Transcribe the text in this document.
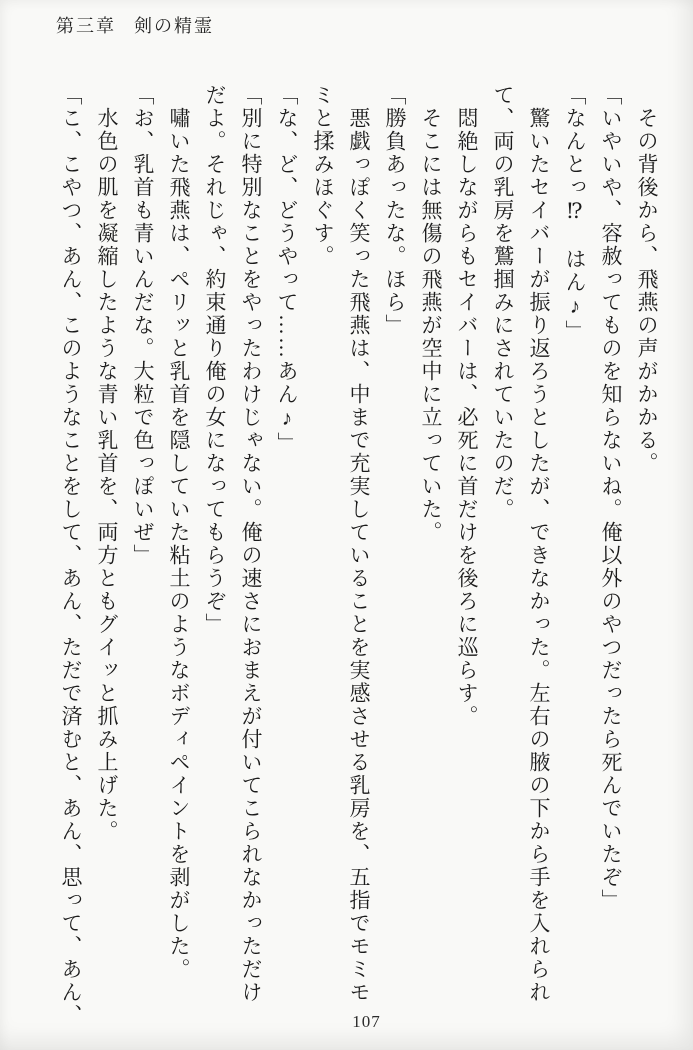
第三章 剣の精霊

その背後から、飛燕の声がかかる。

「いやいや、容赦ってものを知らないね。俺以外のやつだったら死んでいたぞ」

「なんとっ⁉　はん♪」

驚いたセイバーが振り返ろうとしたが、できなかった。左右の腋の下から手を入れられ

て、両の乳房を鷲掴みにされていたのだ。

悶絶しながらもセイバーは、必死に首だけを後ろに巡らす。

そこには無傷の飛燕が空中に立っていた。

「勝負あったな。ほら」

悪戯っぽく笑った飛燕は、中まで充実していることを実感させる乳房を、五指でモミモ

ミと揉みほぐす。

「な、ど、どうやって……あん♪」

「別に特別なことをやったわけじゃない。俺の速さにおまえが付いてこられなかっただけ

だよ。それじゃ、約束通り俺の女になってもらうぞ」

嘯いた飛燕は、ペリッと乳首を隠していた粘土のようなボディペイントを剥がした。

「お、乳首も青いんだな。大粒で色っぽいぜ」

水色の肌を凝縮したような青い乳首を、両方ともグイッと抓み上げた。

「こ、こやつ、あん、このようなことをして、あん、ただで済むと、あん、思って、あん、	107
